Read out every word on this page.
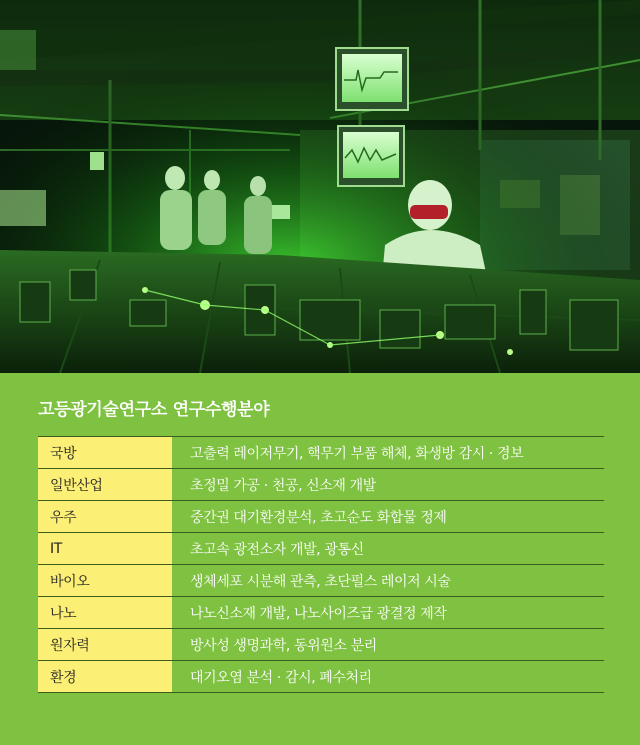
고등광기술연구소 연구수행분야
국방	고출력 레이저무기, 핵무기 부품 해체, 화생방 감시 · 경보
일반산업	초정밀 가공 · 천공, 신소재 개발
우주	중간권 대기환경분석, 초고순도 화합물 정제
IT	초고속 광전소자 개발, 광통신
바이오	생체세포 시분해 관측, 초단펄스 레이저 시술
나노	나노신소재 개발, 나노사이즈급 광결정 제작
원자력	방사성 생명과학, 동위원소 분리
환경	대기오염 분석 · 감시, 폐수처리
